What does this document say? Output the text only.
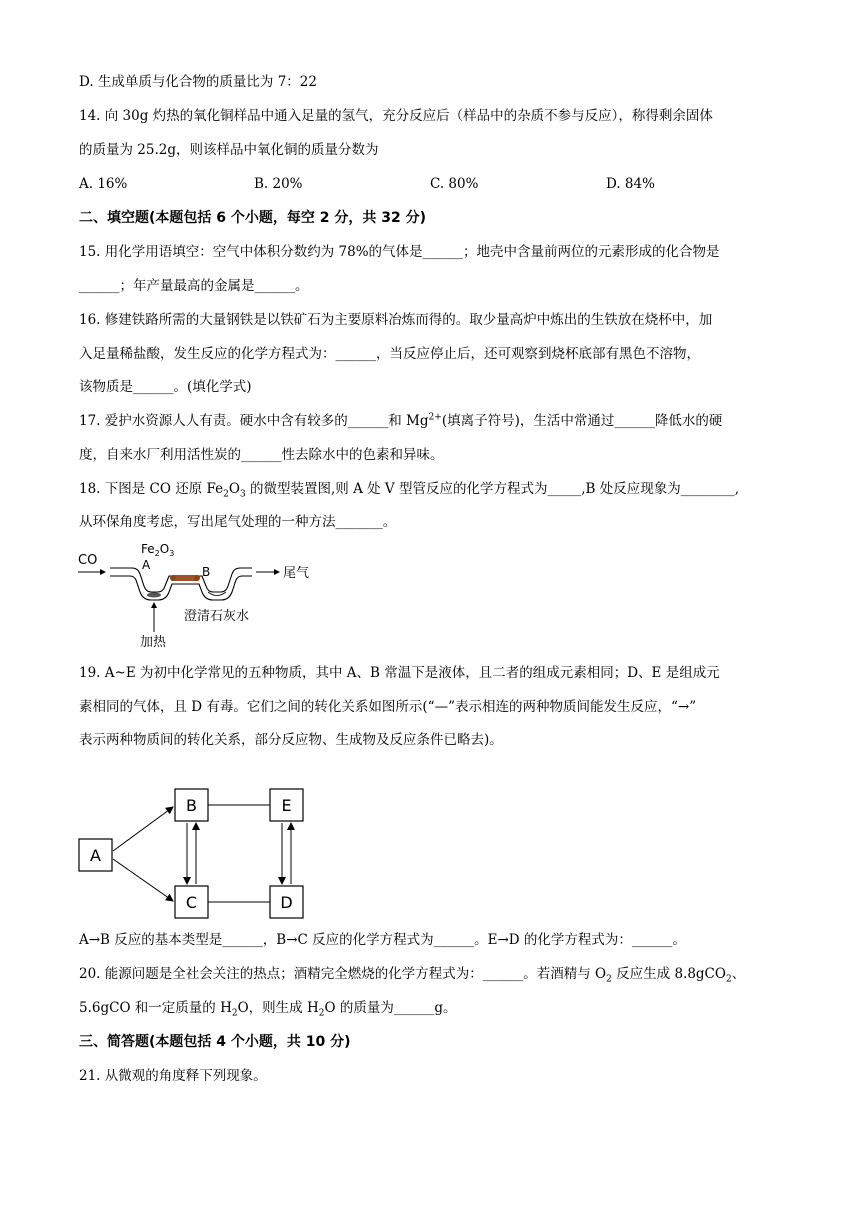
D. 生成单质与化合物的质量比为 7：22
14. 向 30g 灼热的氧化铜样品中通入足量的氢气，充分反应后（样品中的杂质不参与反应），称得剩余固体
的质量为 25.2g，则该样品中氧化铜的质量分数为
A. 16%	B. 20%	C. 80%	D. 84%
二、填空题(本题包括 6 个小题，每空 2 分，共 32 分)
15. 用化学用语填空：空气中体积分数约为 78%的气体是______；地壳中含量前两位的元素形成的化合物是
______；年产量最高的金属是______。
16. 修建铁路所需的大量钢铁是以铁矿石为主要原料冶炼而得的。取少量高炉中炼出的生铁放在烧杯中，加
入足量稀盐酸，发生反应的化学方程式为：______，当反应停止后，还可观察到烧杯底部有黑色不溶物，
该物质是______。(填化学式)
17. 爱护水资源人人有责。硬水中含有较多的______和 $Mg^{2+}$(填离子符号)，生活中常通过______降低水的硬
度，自来水厂利用活性炭的______性去除水中的色素和异味。
18. 下图是 CO 还原 $Fe_2O_3$ 的微型装置图,则 A 处 V 型管反应的化学方程式为_____,B 处反应现象为________,
从环保角度考虑，写出尾气处理的一种方法_______。
CO
$Fe_2O_3$
A	B	尾气
加热
澄清石灰水
19. A~E 为初中化学常见的五种物质，其中 A、B 常温下是液体，且二者的组成元素相同；D、E 是组成元
素相同的气体，且 D 有毒。它们之间的转化关系如图所示(“—”表示相连的两种物质间能发生反应，“→”
表示两种物质间的转化关系，部分反应物、生成物及反应条件已略去)。
A
B	E
C	D
A→B 反应的基本类型是______，B→C 反应的化学方程式为______。E→D 的化学方程式为：______。
20. 能源问题是全社会关注的热点；酒精完全燃烧的化学方程式为：______。若酒精与 $O_2$ 反应生成 8.8gCO$_2$、
5.6gCO 和一定质量的 $H_2O$，则生成 $H_2O$ 的质量为______g。
三、简答题(本题包括 4 个小题，共 10 分)
21. 从微观的角度释下列现象。
